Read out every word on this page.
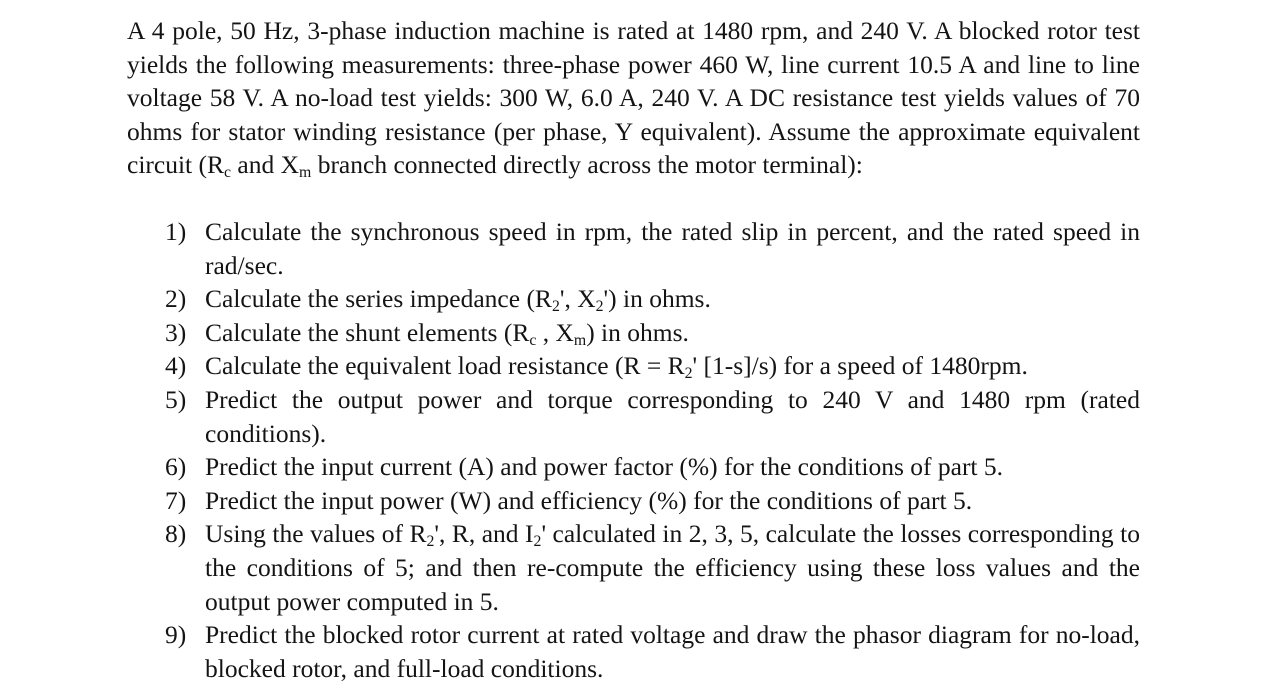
A 4 pole, 50 Hz, 3-phase induction machine is rated at 1480 rpm, and 240 V. A blocked rotor test yields the following measurements: three-phase power 460 W, line current 10.5 A and line to line voltage 58 V. A no-load test yields: 300 W, 6.0 A, 240 V. A DC resistance test yields values of 70 ohms for stator winding resistance (per phase, Y equivalent). Assume the approximate equivalent circuit ($R_c$ and $X_m$ branch connected directly across the motor terminal):

1) Calculate the synchronous speed in rpm, the rated slip in percent, and the rated speed in rad/sec.
2) Calculate the series impedance ($R_2'$, $X_2'$) in ohms.
3) Calculate the shunt elements ($R_c$ , $X_m$) in ohms.
4) Calculate the equivalent load resistance ($R = R_2'$ [1-s]/s) for a speed of 1480rpm.
5) Predict the output power and torque corresponding to 240 V and 1480 rpm (rated conditions).
6) Predict the input current (A) and power factor (%) for the conditions of part 5.
7) Predict the input power (W) and efficiency (%) for the conditions of part 5.
8) Using the values of $R_2'$, R, and $I_2'$ calculated in 2, 3, 5, calculate the losses corresponding to the conditions of 5; and then re-compute the efficiency using these loss values and the output power computed in 5.
9) Predict the blocked rotor current at rated voltage and draw the phasor diagram for no-load, blocked rotor, and full-load conditions.
